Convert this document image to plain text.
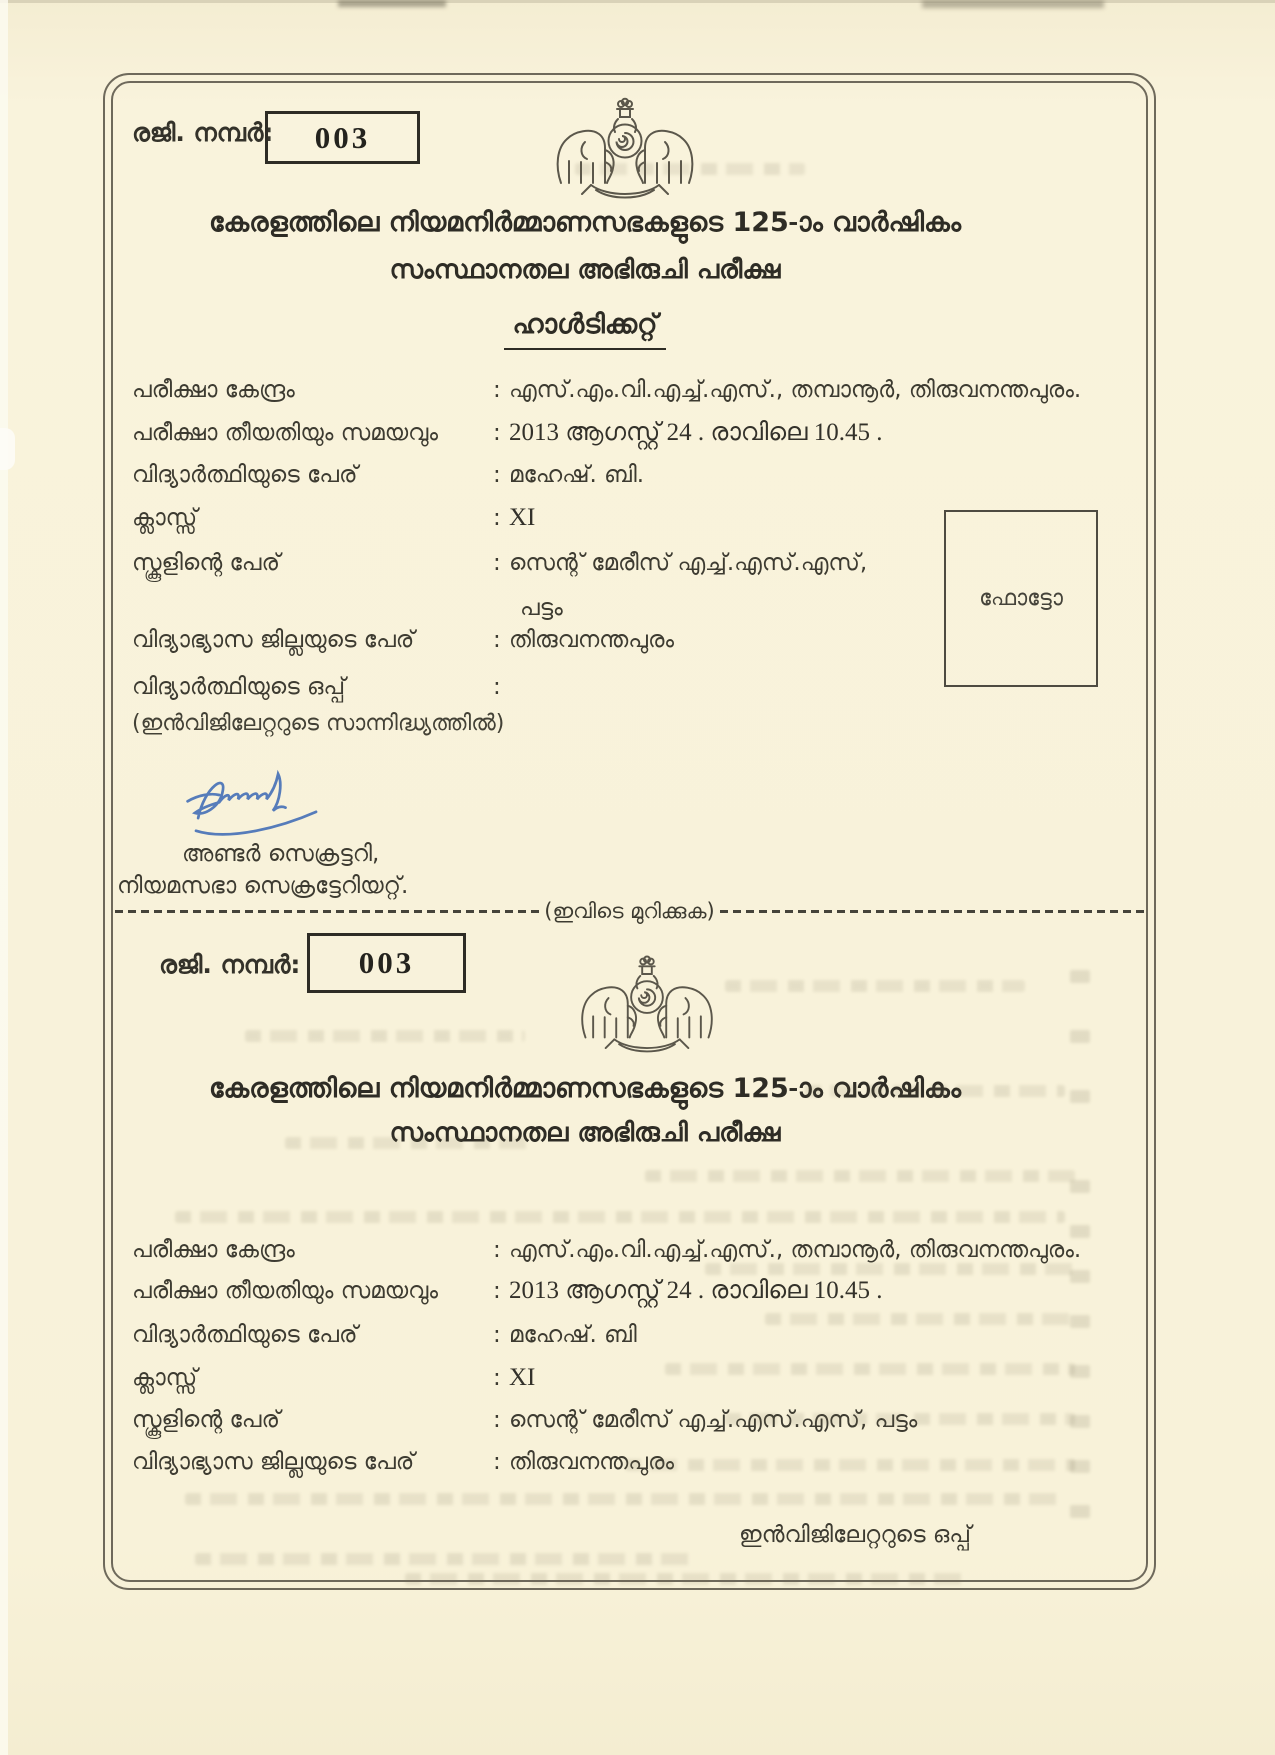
രജി. നമ്പർ: 003
കേരളത്തിലെ നിയമനിർമ്മാണസഭകളുടെ 125-ാം വാർഷികം
സംസ്ഥാനതല അഭിരുചി പരീക്ഷ
ഹാൾടിക്കറ്റ്
പരീക്ഷാ കേന്ദ്രം	: എസ്.എം.വി.എച്ച്.എസ്., തമ്പാനൂർ, തിരുവനന്തപുരം.
പരീക്ഷാ തീയതിയും സമയവും : 2013 ആഗസ്റ്റ് 24 . രാവിലെ 10.45 .
വിദ്യാർത്ഥിയുടെ പേര്	: മഹേഷ്. ബി.
ക്ലാസ്സ്	: XI
സ്കൂളിന്റെ പേര്	: സെന്റ് മേരീസ് എച്ച്.എസ്.എസ്,
പട്ടം
വിദ്യാഭ്യാസ ജില്ലയുടെ പേര്	: തിരുവനന്തപുരം
വിദ്യാർത്ഥിയുടെ ഒപ്പ്	:
(ഇൻവിജിലേറ്ററുടെ സാന്നിദ്ധ്യത്തിൽ)
ഫോട്ടോ
അണ്ടർ സെക്രട്ടറി,
നിയമസഭാ സെക്രട്ടേറിയറ്റ്.
(ഇവിടെ മുറിക്കുക)
രജി. നമ്പർ: 003
കേരളത്തിലെ നിയമനിർമ്മാണസഭകളുടെ 125-ാം വാർഷികം
സംസ്ഥാനതല അഭിരുചി പരീക്ഷ
പരീക്ഷാ കേന്ദ്രം	: എസ്.എം.വി.എച്ച്.എസ്., തമ്പാനൂർ, തിരുവനന്തപുരം.
പരീക്ഷാ തീയതിയും സമയവും : 2013 ആഗസ്റ്റ് 24 . രാവിലെ 10.45 .
വിദ്യാർത്ഥിയുടെ പേര്	: മഹേഷ്. ബി
ക്ലാസ്സ്	: XI
സ്കൂളിന്റെ പേര്	: സെന്റ് മേരീസ് എച്ച്.എസ്.എസ്, പട്ടം
വിദ്യാഭ്യാസ ജില്ലയുടെ പേര്	: തിരുവനന്തപുരം
ഇൻവിജിലേറ്ററുടെ ഒപ്പ്
